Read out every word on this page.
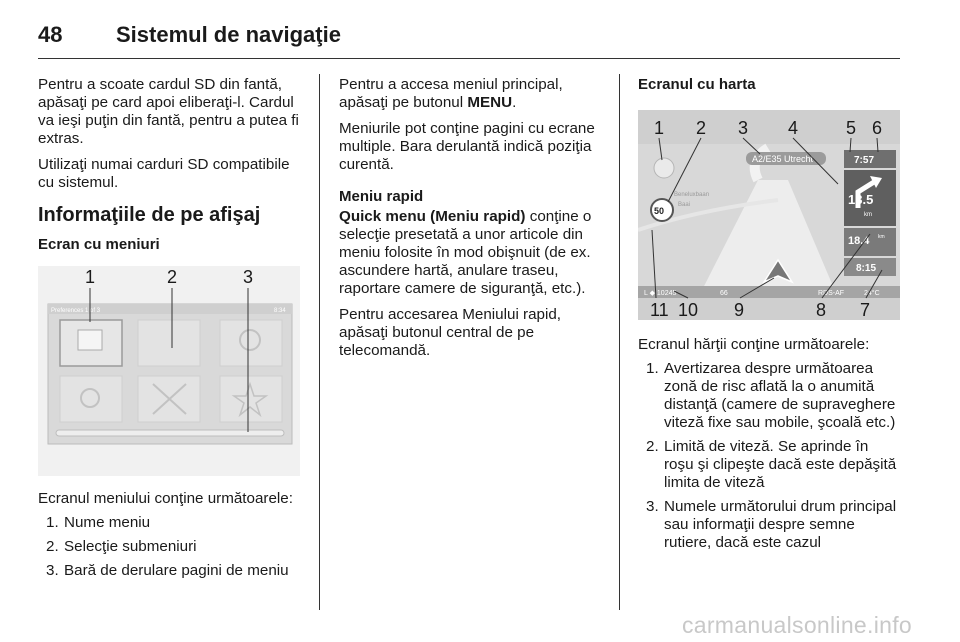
48	Sistemul de navigaţie

Pentru a scoate cardul SD din fantă, apăsaţi pe card apoi eliberaţi-l. Cardul va ieşi puţin din fantă, pentru a putea fi extras.

Utilizaţi numai carduri SD compatibile cu sistemul.

Informaţiile de pe afişaj
Ecran cu meniuri
Preferences 1 of 3	8:34
1	2	3

Ecranul meniului conţine următoarele:

1. Nume meniu
2. Selecţie submeniuri
3. Bară de derulare pagini de meniu

Pentru a accesa meniul principal, apăsaţi pe butonul MENU.

Meniurile pot conţine pagini cu ecrane multiple. Bara derulantă indică poziţia curentă.

Meniu rapid

Quick menu (Meniu rapid) conţine o selecţie presetată a unor articole din meniu folosite în mod obişnuit (de ex. ascundere hartă, anulare traseu, raportare camere de siguranţă, etc.).

Pentru accesarea Meniului rapid, apăsaţi butonul central de pe telecomandă.

Ecranul cu harta
50
A2/E35 Utrecht
Beneluxbaan
Baai
7:57
13.5
km
18.4 km
8:15
L ◆ 10245	66	RDS-AF	24°C
1 2 3 4	5 6
11 10 9	8 7

Ecranul hărţii conţine următoarele:

1. Avertizarea despre următoarea zonă de risc aflată la o anumită distanţă (camere de supraveghere viteză fixe sau mobile, şcoală etc.)
2. Limită de viteză. Se aprinde în roşu şi clipeşte dacă este depăşită limita de viteză
3. Numele următorului drum principal sau informaţii despre semne rutiere, dacă este cazul
carmanualsonline.info
